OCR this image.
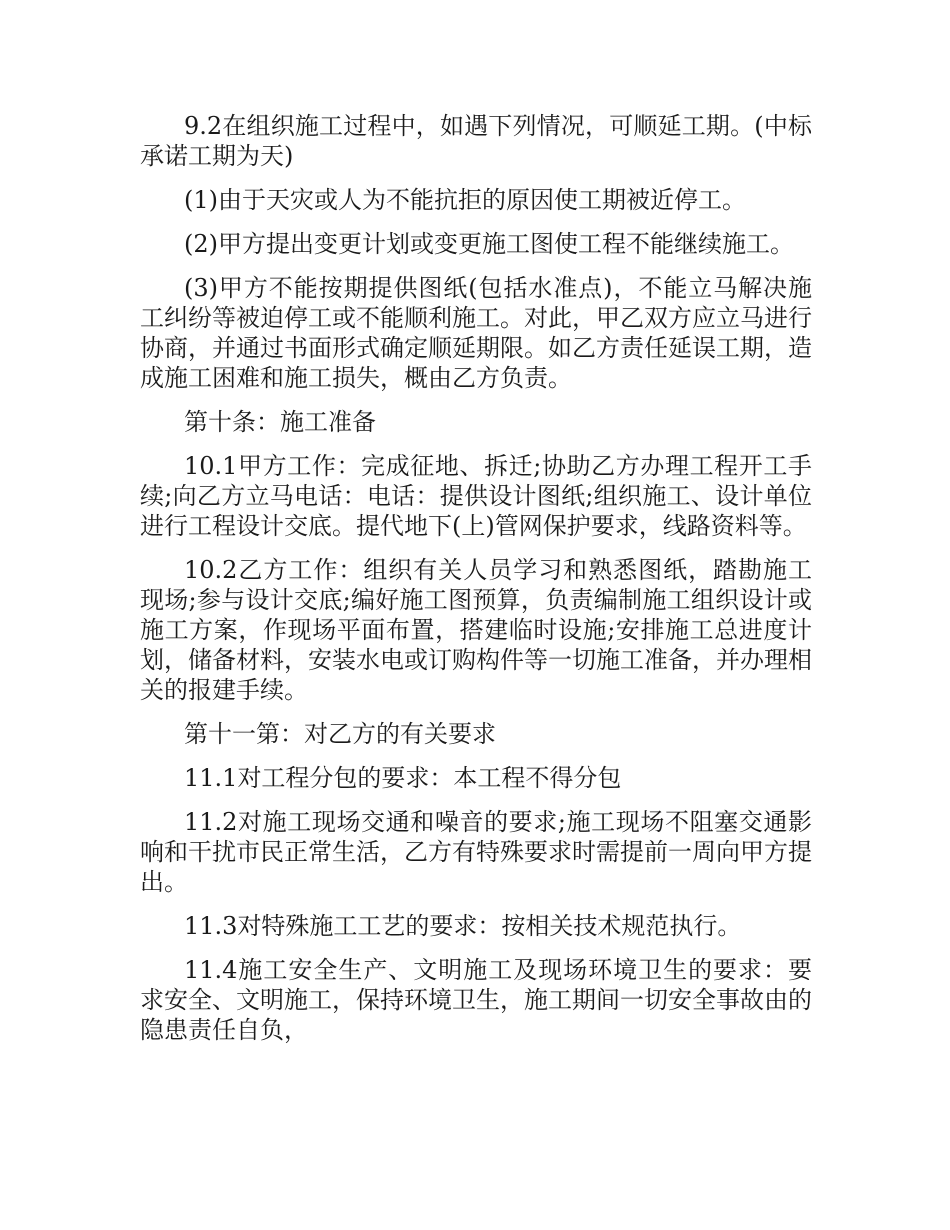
9.2在组织施工过程中，如遇下列情况，可顺延工期。(中标承诺工期为天)

(1)由于天灾或人为不能抗拒的原因使工期被近停工。

(2)甲方提出变更计划或变更施工图使工程不能继续施工。

(3)甲方不能按期提供图纸(包括水准点)，不能立马解决施工纠纷等被迫停工或不能顺利施工。对此，甲乙双方应立马进行协商，并通过书面形式确定顺延期限。如乙方责任延误工期，造成施工困难和施工损失，概由乙方负责。

第十条：施工准备

10.1甲方工作：完成征地、拆迁;协助乙方办理工程开工手续;向乙方立马电话：电话：提供设计图纸;组织施工、设计单位进行工程设计交底。提代地下(上)管网保护要求，线路资料等。

10.2乙方工作：组织有关人员学习和熟悉图纸，踏勘施工现场;参与设计交底;编好施工图预算，负责编制施工组织设计或施工方案，作现场平面布置，搭建临时设施;安排施工总进度计划，储备材料，安装水电或订购构件等一切施工准备，并办理相关的报建手续。

第十一第：对乙方的有关要求

11.1对工程分包的要求：本工程不得分包

11.2对施工现场交通和噪音的要求;施工现场不阻塞交通影响和干扰市民正常生活，乙方有特殊要求时需提前一周向甲方提出。

11.3对特殊施工工艺的要求：按相关技术规范执行。

11.4施工安全生产、文明施工及现场环境卫生的要求：要求安全、文明施工，保持环境卫生，施工期间一切安全事故由的隐患责任自负，
